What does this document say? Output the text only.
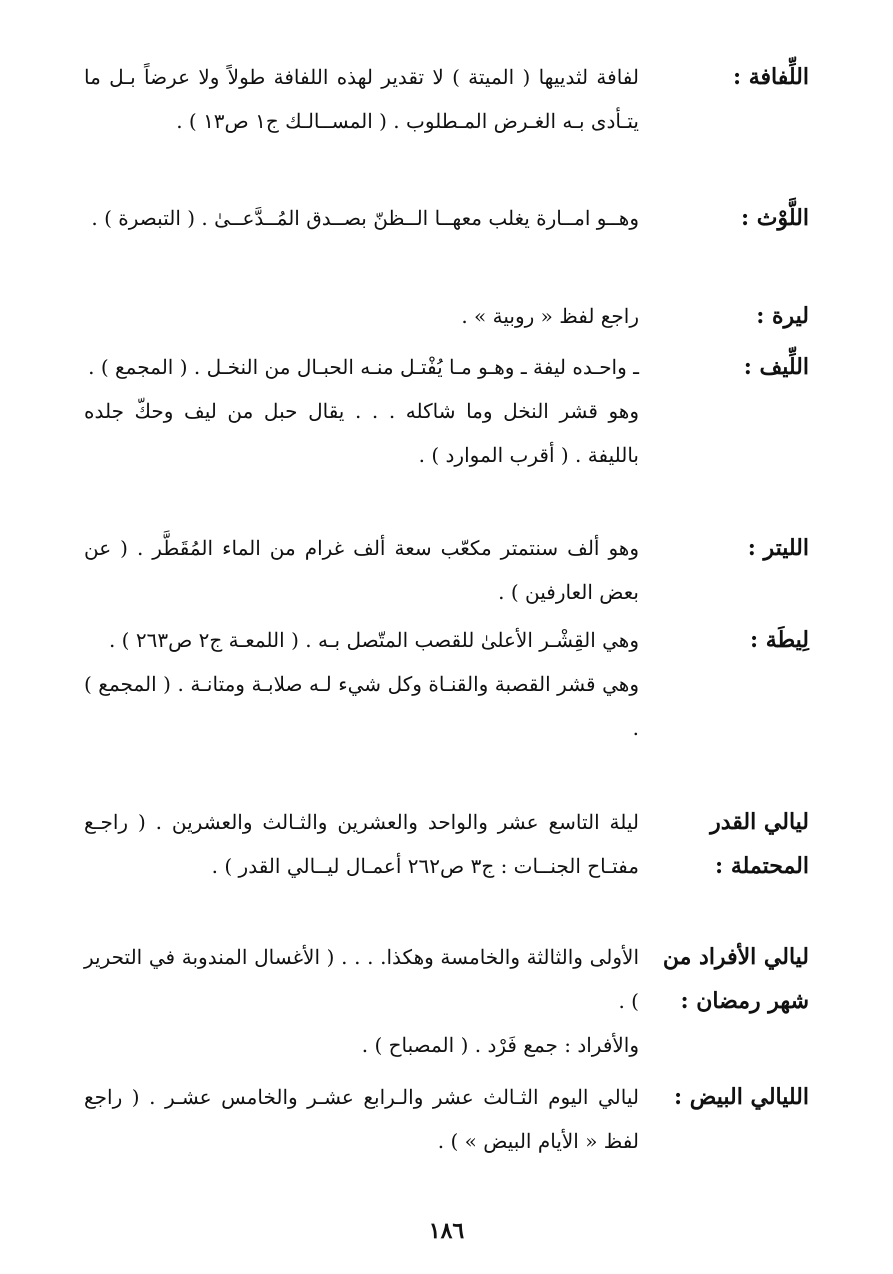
اللِّفافة :

لفافة لثدييها ( الميتة ) لا تقدير لهذه اللفافة طولاً ولا عرضاً بـل ما يتـأدى بـه الغـرض المـطلوب . ( المســالـك ج١ ص١٣ ) .

اللَّوْث :

وهــو امــارة يغلب معهــا الــظنّ بصــدق المُــدَّعــىٰ . ( التبصرة ) .

ليرة :

راجع لفظ « روبية » .

اللِّيف :

ـ واحـده ليفة ـ وهـو مـا يُفْتـل منـه الحبـال من النخـل . ( المجمع ) .

وهو قشر النخل وما شاكله . . . يقال حبل من ليف وحكّ جلده بالليفة . ( أقرب الموارد ) .

الليتر :

وهو ألف سنتمتر مكعّب سعة ألف غرام من الماء المُقَطَّر . ( عن بعض العارفين ) .

لِيطَة :

وهي القِشْـر الأعلىٰ للقصب المتّصل بـه . ( اللمعـة ج٢ ص٢٦٣ ) .

وهي قشر القصبة والقنـاة وكل شيء لـه صلابـة ومتانـة . ( المجمع ) .

ليالي القدر المحتملة :

ليلة التاسع عشر والواحد والعشرين والثـالث والعشرين . ( راجـع مفتـاح الجنــات : ج٣ ص٢٦٢ أعمـال ليــالي القدر ) .

ليالي الأفراد من شهر رمضان :

الأولى والثالثة والخامسة وهكذا. . . . ( الأغسال المندوبة في التحرير ) .

والأفراد : جمع فَرْد . ( المصباح ) .

الليالي البيض :

ليالي اليوم الثـالث عشر والـرابع عشـر والخامس عشـر . ( راجع لفظ « الأيام البيض » ) .

١٨٦
